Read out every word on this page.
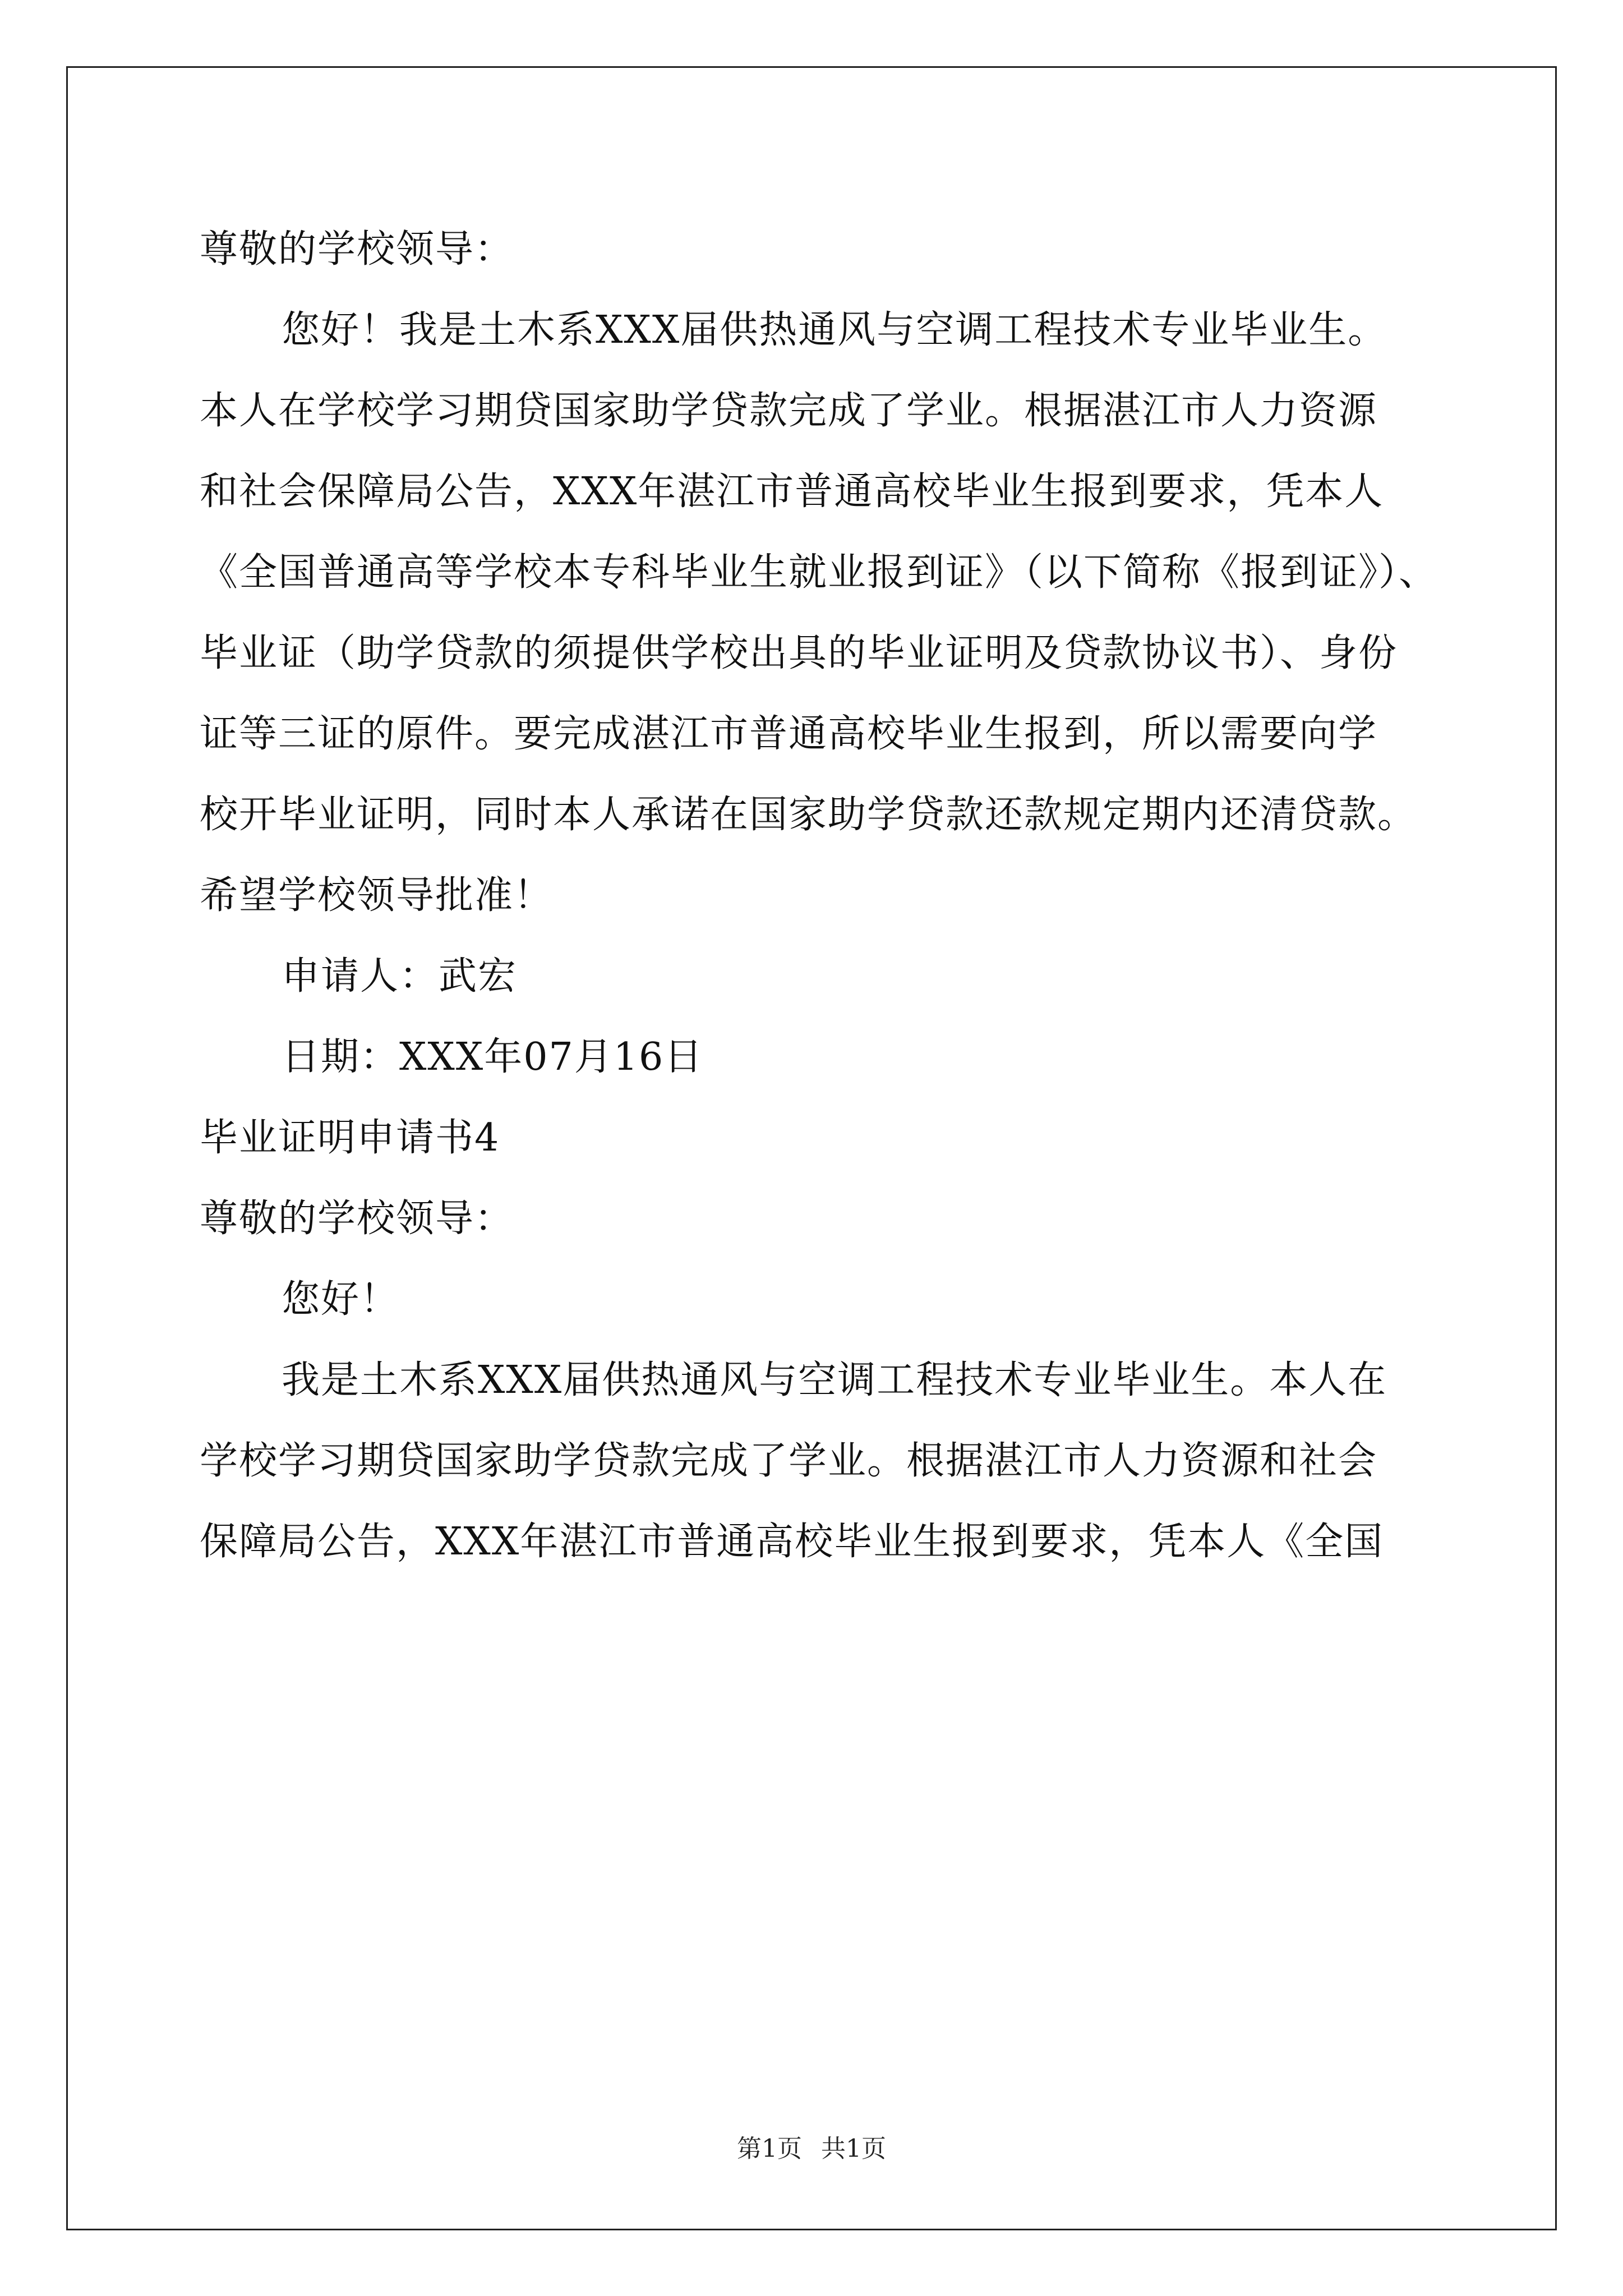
尊敬的学校领导：
您好！我是土木系XXX届供热通风与空调工程技术专业毕业生。
本人在学校学习期贷国家助学贷款完成了学业。根据湛江市人力资源
和社会保障局公告，XXX年湛江市普通高校毕业生报到要求，凭本人
《全国普通高等学校本专科毕业生就业报到证》（以下简称《报到证》）、
毕业证（助学贷款的须提供学校出具的毕业证明及贷款协议书）、身份
证等三证的原件。要完成湛江市普通高校毕业生报到，所以需要向学
校开毕业证明，同时本人承诺在国家助学贷款还款规定期内还清贷款。
希望学校领导批准！
申请人：武宏
日期：XXX年07月16日
毕业证明申请书4
尊敬的学校领导：
您好！
我是土木系XXX届供热通风与空调工程技术专业毕业生。本人在
学校学习期贷国家助学贷款完成了学业。根据湛江市人力资源和社会
保障局公告，XXX年湛江市普通高校毕业生报到要求，凭本人《全国
第1页 共1页
